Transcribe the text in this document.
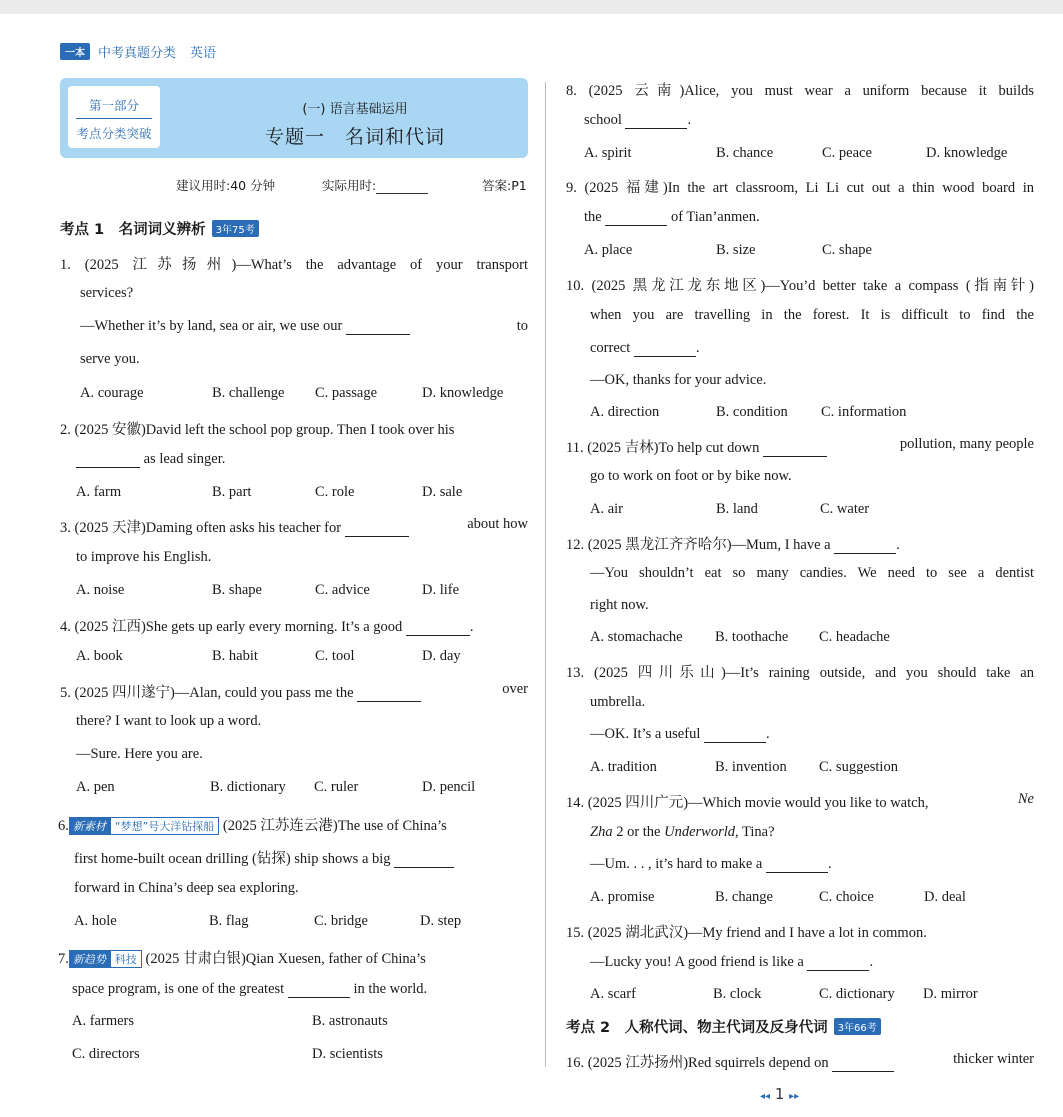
一本	中考真题分类 英语
第一部分
考点分类突破
(一) 语言基础运用
专题一　名词和代词
建议用时:40 分钟	实际用时:	答案:P1
考点 1　名词词义辨析	3年75考
1. (2025 江苏扬州)—What’s the advantage of your transport
services?
—Whether it’s by land, sea or air, we use our	to
serve you.
A. courage	B. challenge C. passage	D. knowledge
2. (2025 安徽)David left the school pop group. Then I took over his
as lead singer.
A. farm	B. part	C. role	D. sale
3. (2025 天津)Daming often asks his teacher for	about how
to improve his English.
A. noise	B. shape	C. advice	D. life
4. (2025 江西)She gets up early every morning. It’s a good	.
A. book	B. habit	C. tool	D. day
5. (2025 四川遂宁)—Alan, could you pass me the	over
there? I want to look up a word.
—Sure. Here you are.
A. pen	B. dictionary C. ruler	D. pencil
6. 新素材 “梦想”号大洋钻探船 (2025 江苏连云港)The use of China’s
first home-built ocean drilling (钻探) ship shows a big
forward in China’s deep sea exploring.
A. hole	B. flag	C. bridge	D. step
7. 新趋势 科技 (2025 甘肃白银)Qian Xuesen, father of China’s
space program, is one of the greatest	in the world.
A. farmers	B. astronauts
C. directors	D. scientists
8. (2025 云南)Alice, you must wear a uniform because it builds
school	.
A. spirit	B. chance	C. peace	D. knowledge
9. (2025 福建)In the art classroom, Li Li cut out a thin wood board in
the	of Tian’anmen.
A. place	B. size	C. shape
10. (2025 黑龙江龙东地区)—You’d better take a compass (指南针)
when you are travelling in the forest. It is difficult to find the
correct	.
—OK, thanks for your advice.
A. direction	B. condition C. information
11. (2025 吉林)To help cut down	pollution, many people
go to work on foot or by bike now.
A. air	B. land	C. water
12. (2025 黑龙江齐齐哈尔)—Mum, I have a	.
—You shouldn’t eat so many candies. We need to see a dentist
right now.
A. stomachache B. toothache C. headache
13. (2025 四川乐山)—It’s raining outside, and you should take an
umbrella.
—OK. It’s a useful	.
A. tradition	B. invention C. suggestion
14. (2025 四川广元)—Which movie would you like to watch,	Ne
Zha 2 or the Underworld, Tina?
—Um. . . , it’s hard to make a	.
A. promise	B. change	C. choice	D. deal
15. (2025 湖北武汉)—My friend and I have a lot in common.
—Lucky you! A good friend is like a	.
A. scarf	B. clock	C. dictionary D. mirror
考点 2　人称代词、物主代词及反身代词	3年66考
16. (2025 江苏扬州)Red squirrels depend on	thicker winter
◂◂ 1 ▸▸
